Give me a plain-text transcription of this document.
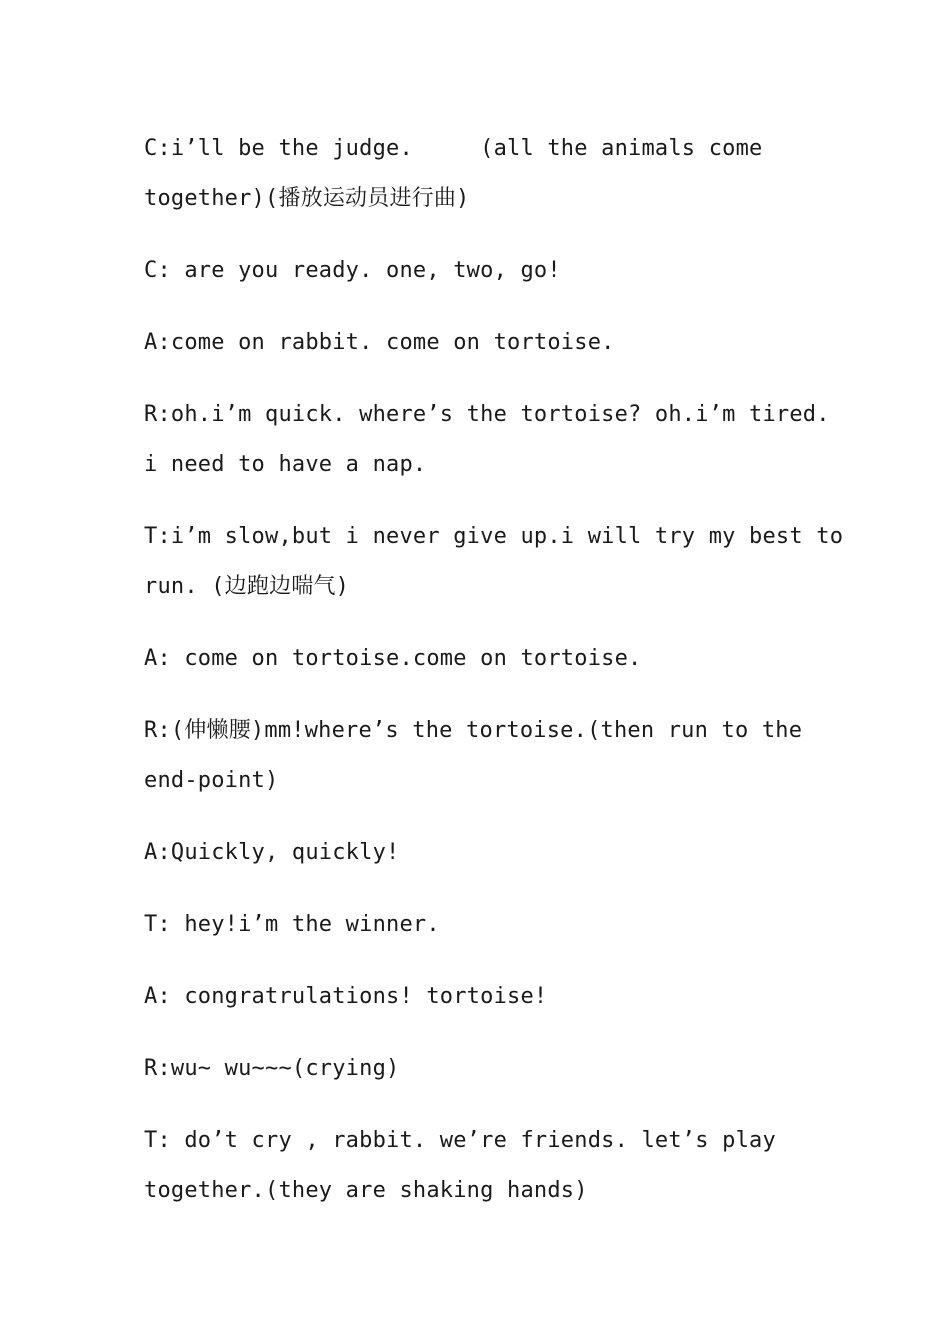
C:i’ll be the judge.     (all the animals come together)(播放运动员进行曲)

C: are you ready. one, two, go!

A:come on rabbit. come on tortoise.

R:oh.i’m quick. where’s the tortoise? oh.i’m tired. i need to have a nap.

T:i’m slow,but i never give up.i will try my best to run. (边跑边喘气)

A: come on tortoise.come on tortoise.

R:(伸懒腰)mm!where’s the tortoise.(then run to the end-point)

A:Quickly, quickly!

T: hey!i’m the winner.

A: congratrulations! tortoise!

R:wu~ wu~~~(crying)

T: do’t cry , rabbit. we’re friends. let’s play together.(they are shaking hands)
